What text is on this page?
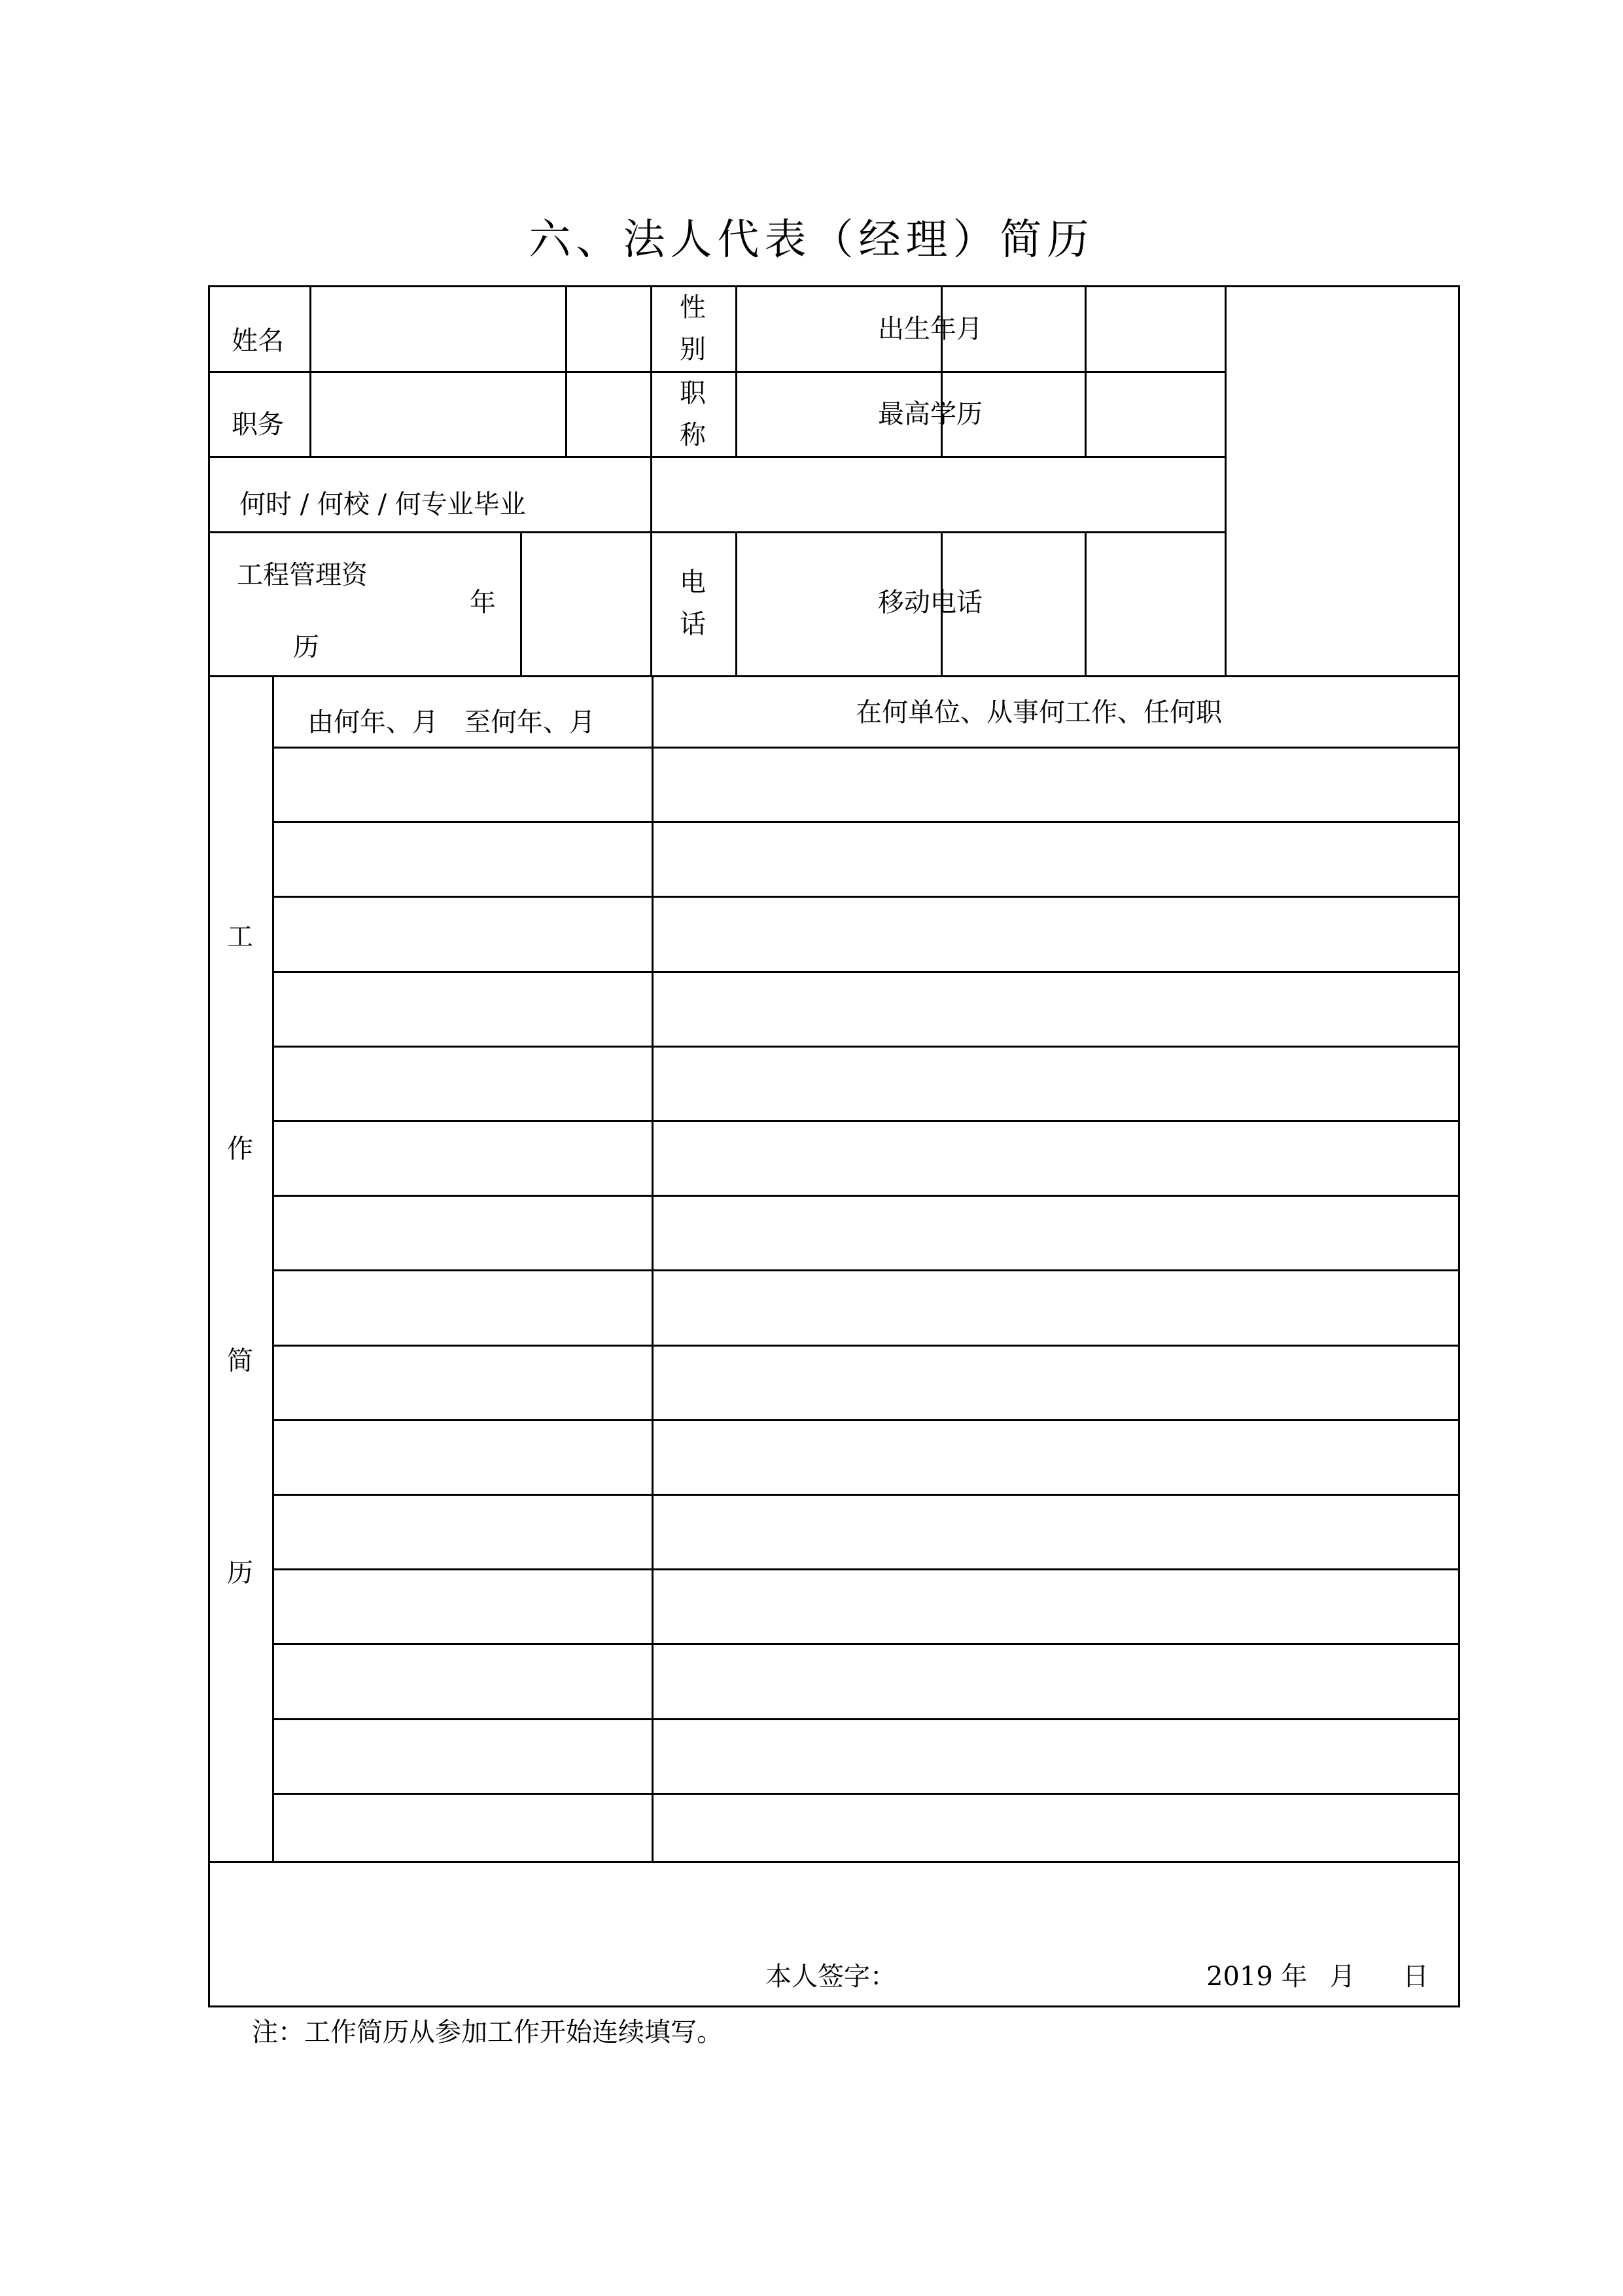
六、法人代表（经理）简历
姓名
性
别
出生年月
职务
职
称
最高学历
何时 / 何校 / 何专业毕业
工程管理资
历
年
电
话
移动电话
由何年、月　至何年、月	在何单位、从事何工作、任何职
工
作
简
历
本人签字：	2019 年 月 日
注：工作简历从参加工作开始连续填写。
